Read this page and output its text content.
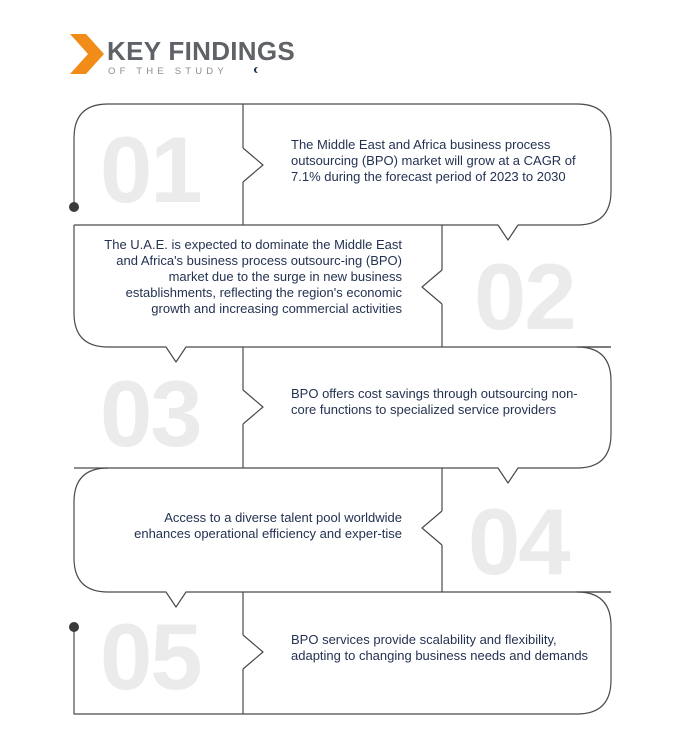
KEY FINDINGS
OF THE STUDY
01	The Middle East and Africa business process outsourcing (BPO) market will grow at a CAGR of 7.1% during the forecast period of 2023 to 2030
02
The U.A.E. is expected to dominate the Middle East and Africa's business process outsourc-ing (BPO) market due to the surge in new business establishments, reflecting the region's economic growth and increasing commercial activities
03	BPO offers cost savings through outsourcing non-core functions to specialized service providers
04
Access to a diverse talent pool worldwide enhances operational efficiency and exper-tise
05	BPO services provide scalability and flexibility, adapting to changing business needs and demands
